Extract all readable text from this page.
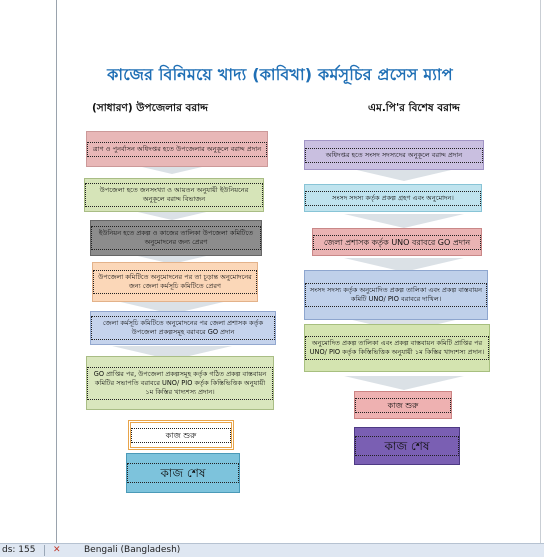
কাজের বিনিময়ে খাদ্য (কাবিখা) কর্মসূচির প্রসেস ম্যাপ
(সাধারণ) উপজেলার বরাদ্দ	এম.পি'র বিশেষ বরাদ্দ
ত্রাণ ও পুনর্বাসন অধিদপ্তর হতে উপজেলার অনুকূলে বরাদ্দ প্রদান
উপজেলা হতে জনসংখ্যা ও আয়তন অনুযায়ী ইউনিয়নের অনুকূলে বরাদ্দ বিভাজন
ইউনিয়ন হতে প্রকল্প ও কাজের তালিকা উপজেলা কমিটিতে অনুমোদনের জন্য প্রেরণ
উপজেলা কমিটিতে অনুমোদনের পর তা চূড়ান্ত অনুমোদনের জন্য জেলা কর্মসূচি কমিটিতে প্রেরণ
জেলা কর্মসূচি কমিটিতে অনুমোদনের পর জেলা প্রশাসক কর্তৃক উপজেলা প্রকল্পসমূহ বরাবরে GO প্রদান
GO প্রাপ্তির পর, উপজেলা প্রকল্পসমূহ কর্তৃক গঠিত প্রকল্প বাস্তবায়ন কমিটির সভাপতি বরাবরে UNO/ PIO কর্তৃক কিস্তিভিত্তিক অনুযায়ী ১ম কিস্তির খাদ্যশস্য প্রদান।
কাজ শুরু
কাজ শেষ
অধিদপ্তর হতে সংসদ সদস্যদের অনুকূলে বরাদ্দ প্রদান
সংসদ সদস্য কর্তৃক প্রকল্প গ্রহণ এবং অনুমোদন।
জেলা প্রশাসক কর্তৃক UNO বরাবরে GO প্রদান
সংসদ সদস্য কর্তৃক অনুমোদিত প্রকল্প তালিকা এবং প্রকল্প বাস্তবায়ন কমিটি UNO/ PIO বরাবরে দাখিল।
অনুমোদিত প্রকল্প তালিকা এবং প্রকল্প বাস্তবায়ন কমিটি প্রাপ্তির পর UNO/ PIO কর্তৃক কিস্তিভিত্তিক অনুযায়ী ১ম কিস্তির খাদ্যশস্য প্রদান।
কাজ শুরু
কাজ শেষ
ds: 155 ✕	Bengali (Bangladesh)
